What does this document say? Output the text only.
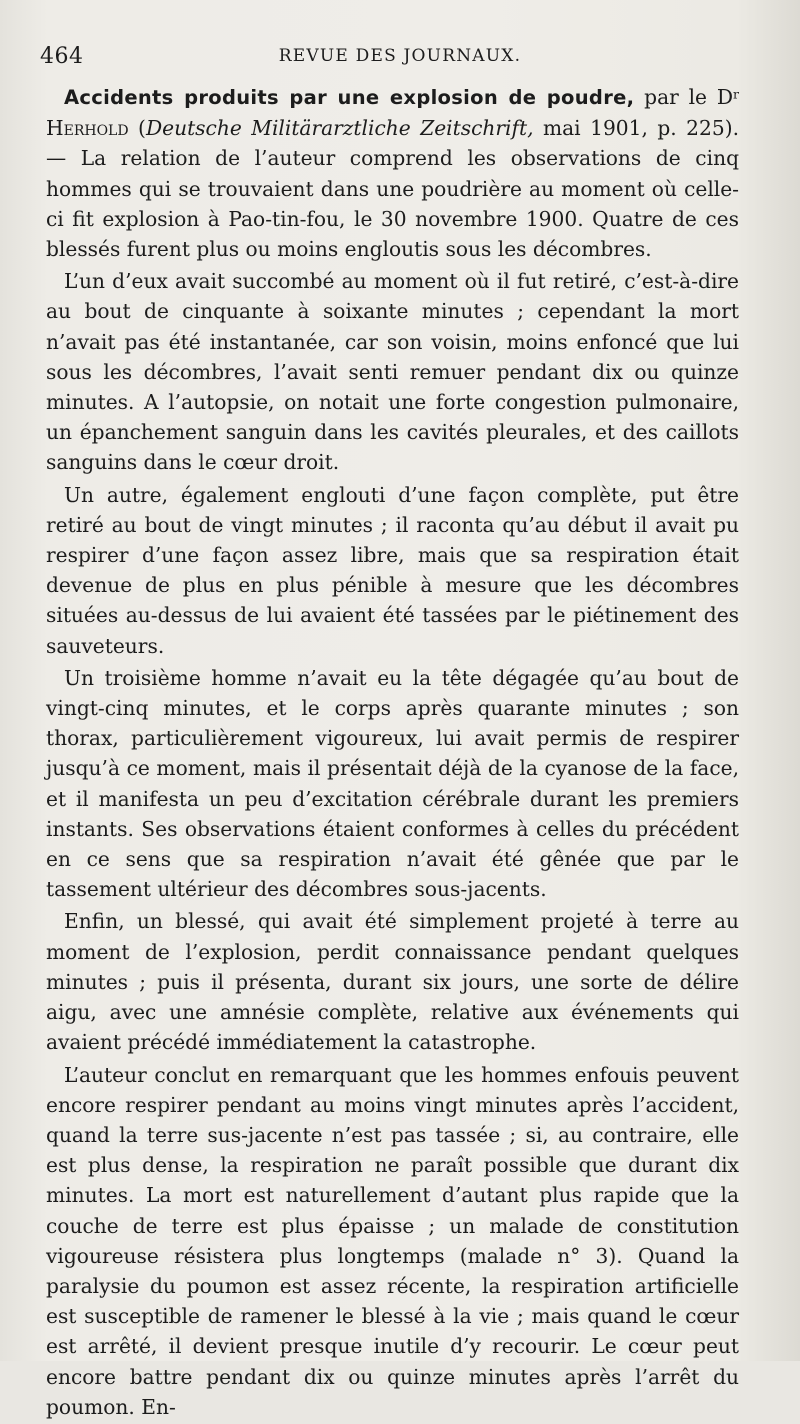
464	REVUE DES JOURNAUX.

Accidents produits par une explosion de poudre, par le $D^r$ Herhold (Deutsche Militärarztliche Zeitschrift, mai 1901, p. 225). — La relation de l’auteur comprend les observations de cinq hommes qui se trouvaient dans une poudrière au moment où celle-ci fit explosion à Pao-tin-fou, le 30 novembre 1900. Quatre de ces blessés furent plus ou moins engloutis sous les décombres.

L’un d’eux avait succombé au moment où il fut retiré, c’est-à-dire au bout de cinquante à soixante minutes ; cependant la mort n’avait pas été instantanée, car son voisin, moins enfoncé que lui sous les décombres, l’avait senti remuer pendant dix ou quinze minutes. A l’autopsie, on notait une forte congestion pulmonaire, un épanchement sanguin dans les cavités pleurales, et des caillots sanguins dans le cœur droit.

Un autre, également englouti d’une façon complète, put être retiré au bout de vingt minutes ; il raconta qu’au début il avait pu respirer d’une façon assez libre, mais que sa respiration était devenue de plus en plus pénible à mesure que les décombres situées au-dessus de lui avaient été tassées par le piétinement des sauveteurs.

Un troisième homme n’avait eu la tête dégagée qu’au bout de vingt-cinq minutes, et le corps après quarante minutes ; son thorax, particulièrement vigoureux, lui avait permis de respirer jusqu’à ce moment, mais il présentait déjà de la cyanose de la face, et il manifesta un peu d’excitation cérébrale durant les premiers instants. Ses observations étaient conformes à celles du précédent en ce sens que sa respiration n’avait été gênée que par le tassement ultérieur des décombres sous-jacents.

Enfin, un blessé, qui avait été simplement projeté à terre au moment de l’explosion, perdit connaissance pendant quelques minutes ; puis il présenta, durant six jours, une sorte de délire aigu, avec une amnésie complète, relative aux événements qui avaient précédé immédiatement la catastrophe.

L’auteur conclut en remarquant que les hommes enfouis peuvent encore respirer pendant au moins vingt minutes après l’accident, quand la terre sus-jacente n’est pas tassée ; si, au contraire, elle est plus dense, la respiration ne paraît possible que durant dix minutes. La mort est naturellement d’autant plus rapide que la couche de terre est plus épaisse ; un malade de constitution vigoureuse résistera plus longtemps (malade n° 3). Quand la paralysie du poumon est assez récente, la respiration artificielle est susceptible de ramener le blessé à la vie ; mais quand le cœur est arrêté, il devient presque inutile d’y recourir. Le cœur peut encore battre pendant dix ou quinze minutes après l’arrêt du poumon. En-
